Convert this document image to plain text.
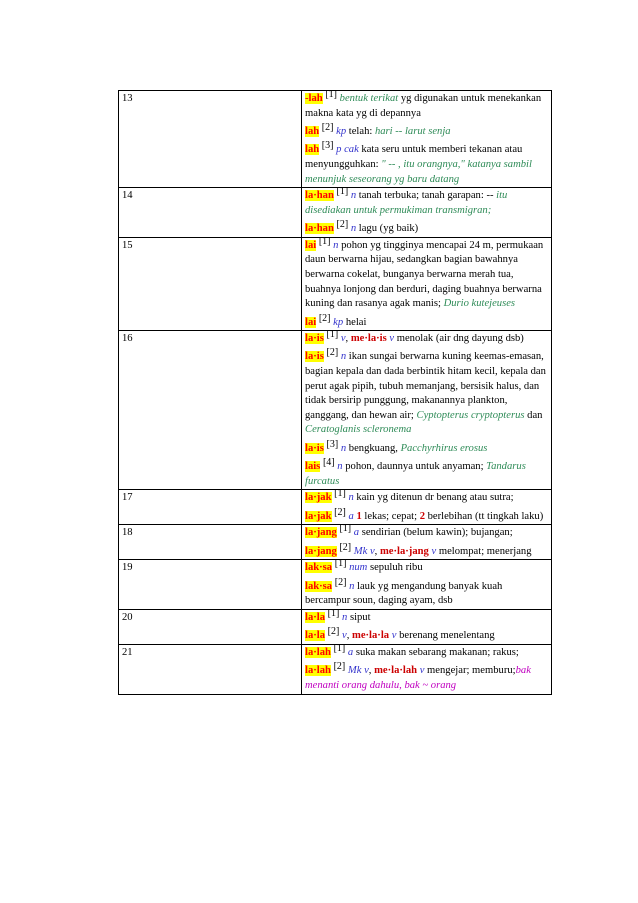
13	-lah [1] bentuk terikat yg digunakan untuk menekankan makna kata yg di depannya
lah [2] kp telah: hari -- larut senja
lah [3] p cak kata seru untuk memberi tekanan atau menyungguhkan: " -- , itu orangnya," katanya sambil menunjuk seseorang yg baru datang

14	la·han [1] n tanah terbuka; tanah garapan: -- itu disediakan untuk permukiman transmigran;
la·han [2] n lagu (yg baik)

15	lai [1] n pohon yg tingginya mencapai 24 m, permukaan daun berwarna hijau, sedangkan bagian bawahnya berwarna cokelat, bunganya berwarna merah tua, buahnya lonjong dan berduri, daging buahnya berwarna kuning dan rasanya agak manis; Durio kutejeuses
lai [2] kp helai

16	la·is [1] v, me·la·is v menolak (air dng dayung dsb)
la·is [2] n ikan sungai berwarna kuning keemas-emasan, bagian kepala dan dada berbintik hitam kecil, kepala dan perut agak pipih, tubuh memanjang, bersisik halus, dan tidak bersirip punggung, makanannya plankton, ganggang, dan hewan air; Cyptopterus cryptopterus dan Ceratoglanis scleronema
la·is [3] n bengkuang, Pacchyrhirus erosus
lais [4] n pohon, daunnya untuk anyaman; Tandarus furcatus

17	la·jak [1] n kain yg ditenun dr benang atau sutra;
la·jak [2] a 1 lekas; cepat; 2 berlebihan (tt tingkah laku)

18	la·jang [1] a sendirian (belum kawin); bujangan;
la·jang [2] Mk v, me·la·jang v melompat; menerjang

19	lak·sa [1] num sepuluh ribu
lak·sa [2] n lauk yg mengandung banyak kuah bercampur soun, daging ayam, dsb

20	la·la [1] n siput
la·la [2] v, me·la·la v berenang menelentang

21	la·lah [1] a suka makan sebarang makanan; rakus;
la·lah [2] Mk v, me·la·lah v mengejar; memburu;bak menanti orang dahulu, bak ~ orang
